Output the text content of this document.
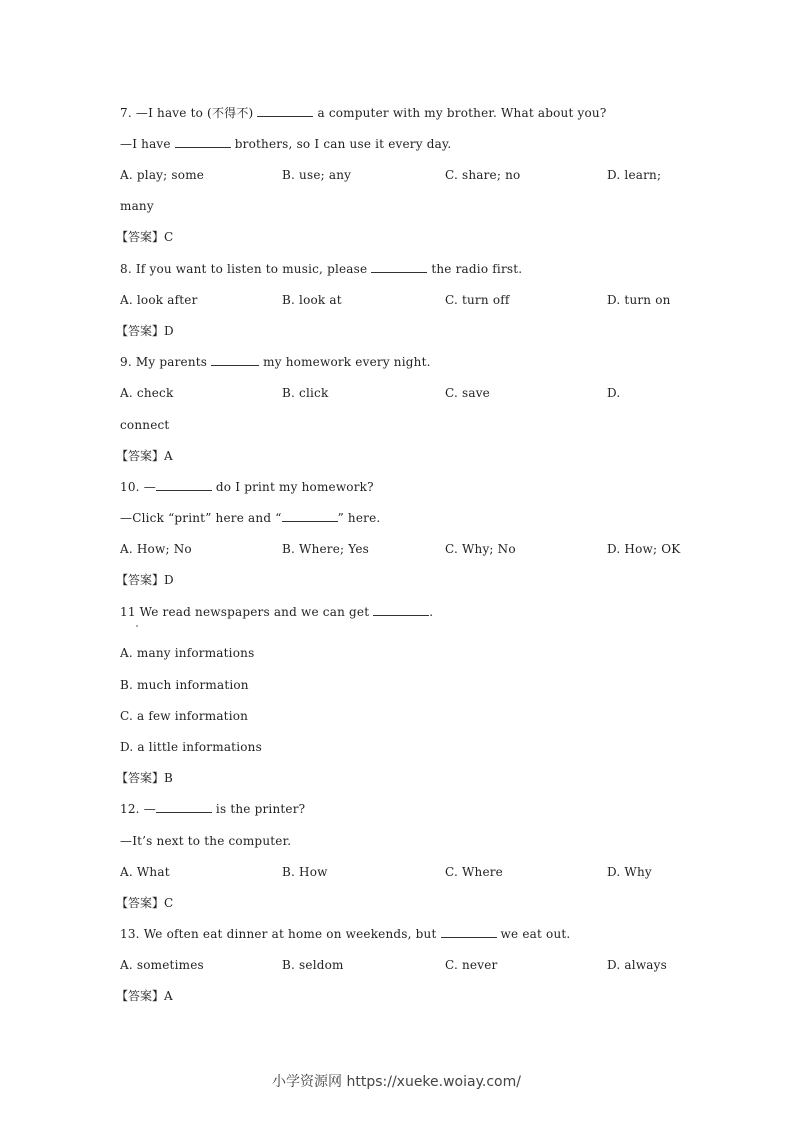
7. —I have to (不得不)	a computer with my brother. What about you?
—I have	brothers, so I can use it every day.
A. play; some	B. use; any	C. share; no	D. learn;
many
【答案】C
8. If you want to listen to music, please	the radio first.
A. look after	B. look at	C. turn off	D. turn on
【答案】D
9. My parents	my homework every night.
A. check	B. click	C. save	D.
connect
【答案】A
10. —	do I print my homework?
—Click “print” here and “	” here.
A. How; No	B. Where; Yes	C. Why; No	D. How; OK
【答案】D
11 We read newspapers and we can get	.
A. many informations
B. much information
C. a few information
D. a little informations
【答案】B
12. —	is the printer?
—It’s next to the computer.
A. What	B. How	C. Where	D. Why
【答案】C
13. We often eat dinner at home on weekends, but	we eat out.
A. sometimes	B. seldom	C. never	D. always
【答案】A
小学资源网 https://xueke.woiay.com/
